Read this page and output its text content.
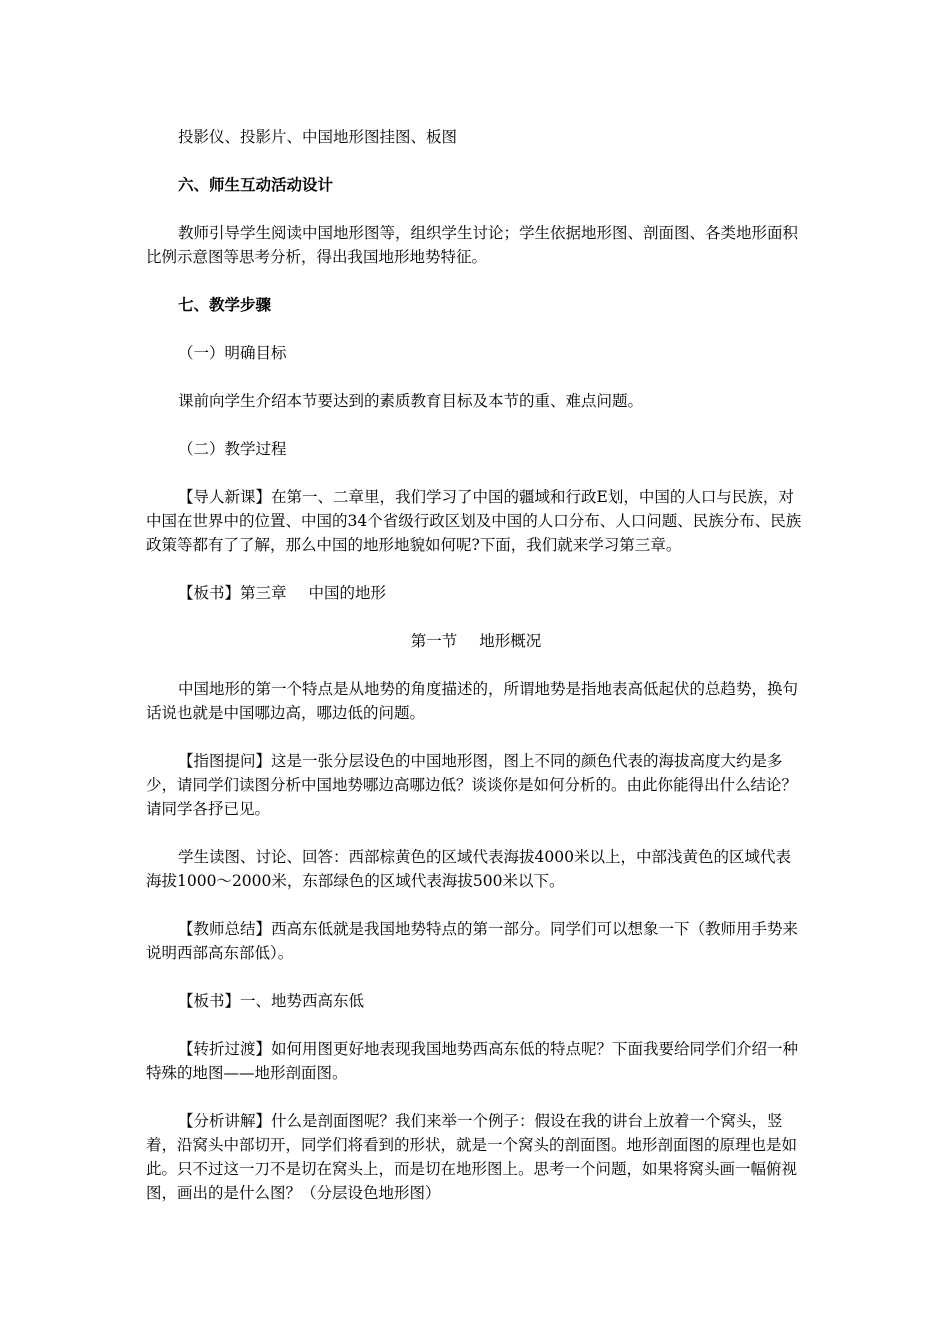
投影仪、投影片、中国地形图挂图、板图

六、师生互动活动设计

教师引导学生阅读中国地形图等，组织学生讨论；学生依据地形图、剖面图、各类地形面积比例示意图等思考分析，得出我国地形地势特征。

七、教学步骤

（一）明确目标

课前向学生介绍本节要达到的素质教育目标及本节的重、难点问题。

（二）教学过程

【导人新课】在第一、二章里，我们学习了中国的疆域和行政E划，中国的人口与民族，对中国在世界中的位置、中国的34个省级行政区划及中国的人口分布、人口问题、民族分布、民族政策等都有了了解，那么中国的地形地貌如何呢?下面，我们就来学习第三章。

【板书】第三章 中国的地形

第一节 地形概况

中国地形的第一个特点是从地势的角度描述的，所谓地势是指地表高低起伏的总趋势，换句话说也就是中国哪边高，哪边低的问题。

【指图提问】这是一张分层设色的中国地形图，图上不同的颜色代表的海拔高度大约是多少，请同学们读图分析中国地势哪边高哪边低？谈谈你是如何分析的。由此你能得出什么结论？请同学各抒已见。

学生读图、讨论、回答：西部棕黄色的区域代表海拔4000米以上，中部浅黄色的区域代表海拔1000～2000米，东部绿色的区域代表海拔500米以下。

【教师总结】西高东低就是我国地势特点的第一部分。同学们可以想象一下（教师用手势来说明西部高东部低）。

【板书】一、地势西高东低

【转折过渡】如何用图更好地表现我国地势西高东低的特点呢？下面我要给同学们介绍一种特殊的地图——地形剖面图。

【分析讲解】什么是剖面图呢？我们来举一个例子：假设在我的讲台上放着一个窝头，竖着，沿窝头中部切开，同学们将看到的形状，就是一个窝头的剖面图。地形剖面图的原理也是如此。只不过这一刀不是切在窝头上，而是切在地形图上。思考一个问题，如果将窝头画一幅俯视图，画出的是什么图？（分层设色地形图）
